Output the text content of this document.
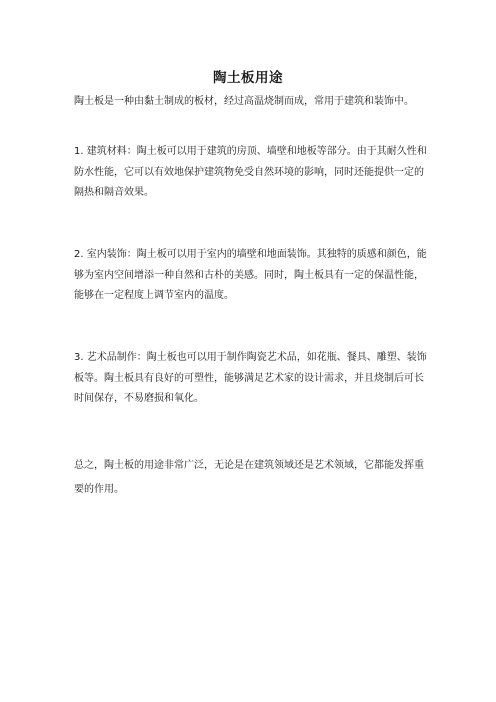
陶土板用途

陶土板是一种由黏土制成的板材，经过高温烧制而成，常用于建筑和装饰中。

1. 建筑材料：陶土板可以用于建筑的房顶、墙壁和地板等部分。由于其耐久性和防水性能，它可以有效地保护建筑物免受自然环境的影响，同时还能提供一定的隔热和隔音效果。

2. 室内装饰：陶土板可以用于室内的墙壁和地面装饰。其独特的质感和颜色，能够为室内空间增添一种自然和古朴的美感。同时，陶土板具有一定的保温性能，能够在一定程度上调节室内的温度。

3. 艺术品制作：陶土板也可以用于制作陶瓷艺术品，如花瓶、餐具、雕塑、装饰板等。陶土板具有良好的可塑性，能够满足艺术家的设计需求，并且烧制后可长时间保存，不易磨损和氧化。

总之，陶土板的用途非常广泛，无论是在建筑领域还是艺术领域，它都能发挥重要的作用。
